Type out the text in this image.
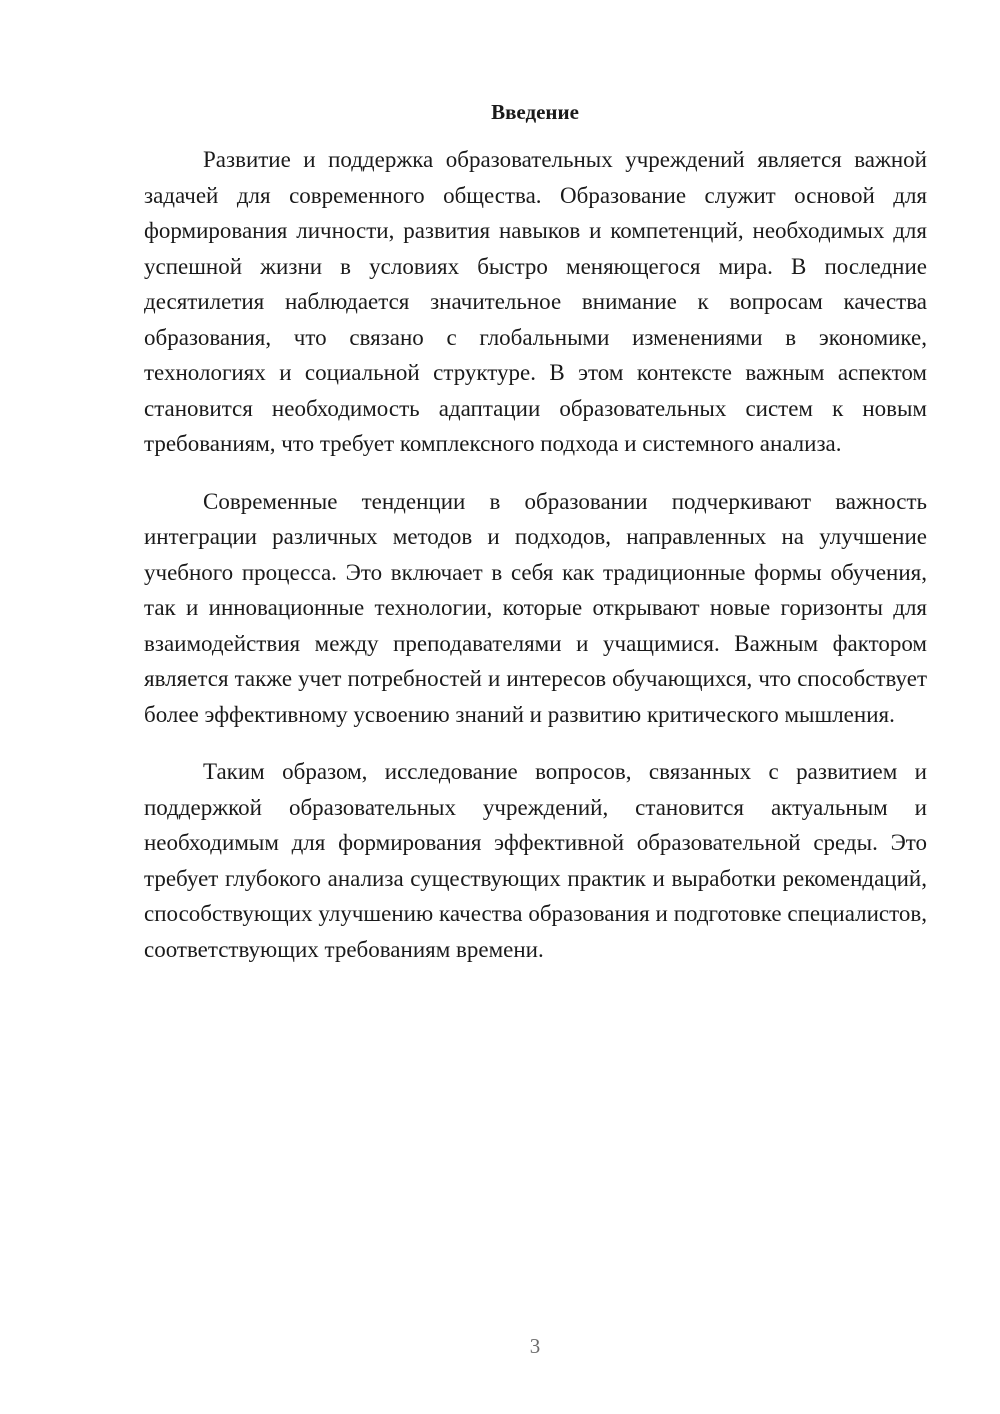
Введение

Развитие и поддержка образовательных учреждений является важной задачей для современного общества. Образование служит основой для формирования личности, развития навыков и компетенций, необходимых для успешной жизни в условиях быстро меняющегося мира. В последние десятилетия наблюдается значительное внимание к вопросам качества образования, что связано с глобальными изменениями в экономике, технологиях и социальной структуре. В этом контексте важным аспектом становится необходимость адаптации образовательных систем к новым требованиям, что требует комплексного подхода и системного анализа.

Современные тенденции в образовании подчеркивают важность интеграции различных методов и подходов, направленных на улучшение учебного процесса. Это включает в себя как традиционные формы обучения, так и инновационные технологии, которые открывают новые горизонты для взаимодействия между преподавателями и учащимися. Важным фактором является также учет потребностей и интересов обучающихся, что способствует более эффективному усвоению знаний и развитию критического мышления.

Таким образом, исследование вопросов, связанных с развитием и поддержкой образовательных учреждений, становится актуальным и необходимым для формирования эффективной образовательной среды. Это требует глубокого анализа существующих практик и выработки рекомендаций, способствующих улучшению качества образования и подготовке специалистов, соответствующих требованиям времени.

3
